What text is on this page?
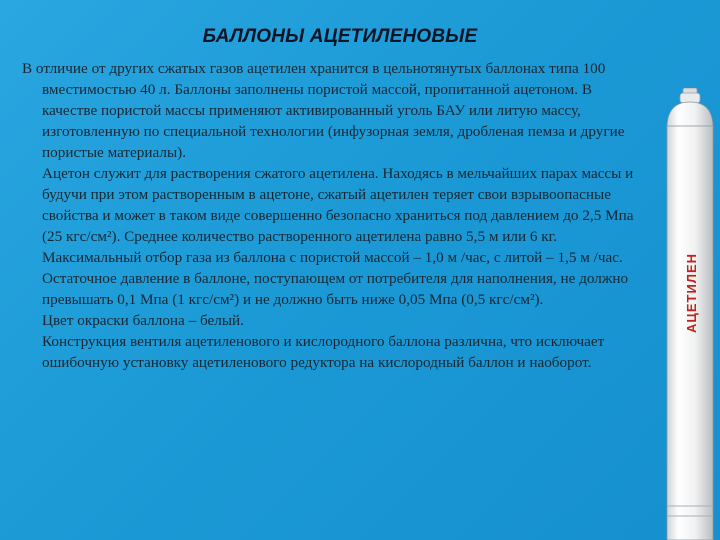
БАЛЛОНЫ АЦЕТИЛЕНОВЫЕ

В отличие от других сжатых газов ацетилен хранится в цельнотянутых баллонах типа 100 вместимостью 40 л. Баллоны заполнены пористой массой, пропитанной ацетоном. В качестве пористой массы применяют активированный уголь БАУ или литую массу, изготовленную по специальной технологии (инфузорная земля, дробленая пемза и другие пористые материалы).

Ацетон служит для растворения сжатого ацетилена. Находясь в мельчайших парах массы и будучи при этом растворенным в ацетоне, сжатый ацетилен теряет свои взрывоопасные свойства и может в таком виде совершенно безопасно храниться под давлением до 2,5 Мпа (25 кгс/см²). Среднее количество растворенного ацетилена равно 5,5 м или 6 кг.

Максимальный отбор газа из баллона с пористой массой – 1,0 м /час, с литой – 1,5 м /час. Остаточное давление в баллоне, поступающем от потребителя для наполнения, не должно превышать 0,1 Мпа (1 кгс/см²) и не должно быть ниже 0,05 Мпа (0,5 кгс/см²).

Цвет окраски баллона – белый.

Конструкция вентиля ацетиленового и кислородного баллона различна, что исключает ошибочную установку ацетиленового редуктора на кислородный баллон и наоборот.

АЦЕТИЛЕН
